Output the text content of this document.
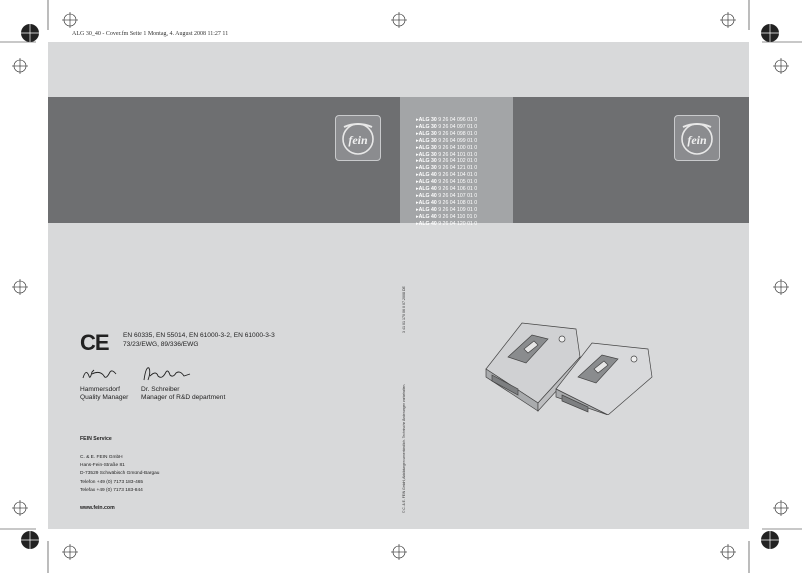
ALG 30_40 - Cover.fm Seite 1 Montag, 4. August 2008 11:27 11
fein	fein
▸ALG 30 9 26 04 096 01 0
▸ALG 30 9 26 04 097 01 0
▸ALG 30 9 26 04 098 01 0
▸ALG 30 9 26 04 099 01 0
▸ALG 30 9 26 04 100 01 0
▸ALG 30 9 26 04 101 01 0
▸ALG 30 9 26 04 102 01 0
▸ALG 30 9 26 04 121 01 0
▸ALG 40 9 26 04 104 01 0
▸ALG 40 9 26 04 105 01 0
▸ALG 40 9 26 04 106 01 0
▸ALG 40 9 26 04 107 01 0
▸ALG 40 9 26 04 108 01 0
▸ALG 40 9 26 04 109 01 0
▸ALG 40 9 26 04 110 01 0
▸ALG 40 9 26 04 120 01 0
CE EN 60335, EN 55014, EN 61000-3-2, EN 61000-3-3
73/23/EWG, 89/336/EWG
Hammersdorf
Quality Manager
Dr. Schreiber
Manager of R&D department
FEIN Service
C. & E. FEIN GmbH
Hans-Fein-Straße 81
D-73529 Schwäbisch Gmünd-Bargau
Telefon +49 (0) 7173 183-465
Telefax +49 (0) 7173 183-844
www.fein.com
3 41 01 170 06 0 07.2008 DE
© C. & E. FEIN GmbH, Abbildungen unverbindlich. Technische Änderungen vorbehalten.
